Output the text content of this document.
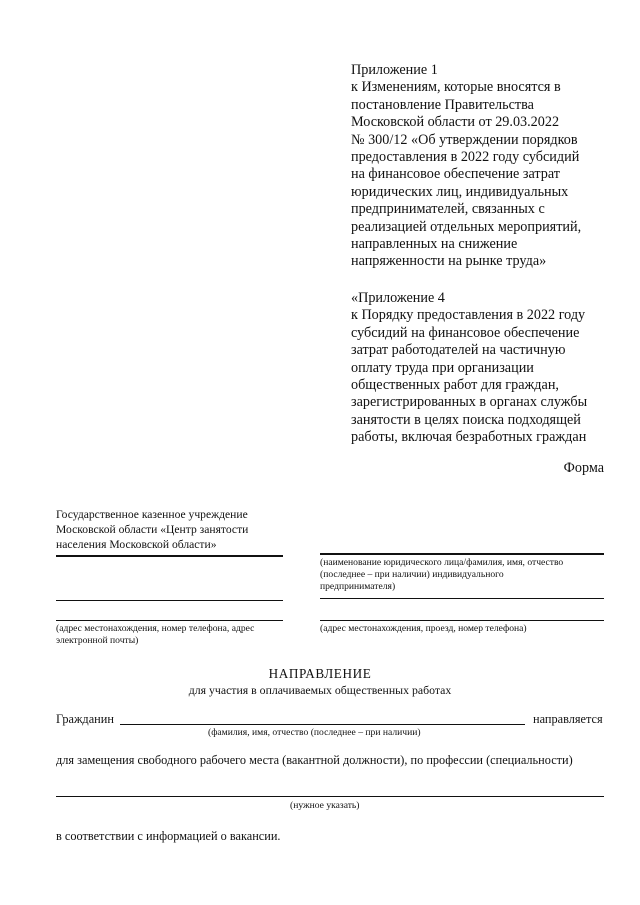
Приложение 1
к Изменениям, которые вносятся в
постановление Правительства
Московской области от 29.03.2022
№ 300/12 «Об утверждении порядков
предоставления в 2022 году субсидий
на финансовое обеспечение затрат
юридических лиц, индивидуальных
предпринимателей, связанных с
реализацией отдельных мероприятий,
направленных на снижение
напряженности на рынке труда»
«Приложение 4
к Порядку предоставления в 2022 году
субсидий на финансовое обеспечение
затрат работодателей на частичную
оплату труда при организации
общественных работ для граждан,
зарегистрированных в органах службы
занятости в целях поиска подходящей
работы, включая безработных граждан
Форма
Государственное казенное учреждение
Московской области «Центр занятости
населения Московской области»
(адрес местонахождения, номер телефона, адрес
электронной почты)
(наименование юридического лица/фамилия, имя, отчество
(последнее – при наличии) индивидуального
предпринимателя)
(адрес местонахождения, проезд, номер телефона)
НАПРАВЛЕНИЕ
для участия в оплачиваемых общественных работах
Гражданин	направляется
(фамилия, имя, отчество (последнее – при наличии)
для замещения свободного рабочего места (вакантной должности), по профессии (специальности)
(нужное указать)
в соответствии с информацией о вакансии.
